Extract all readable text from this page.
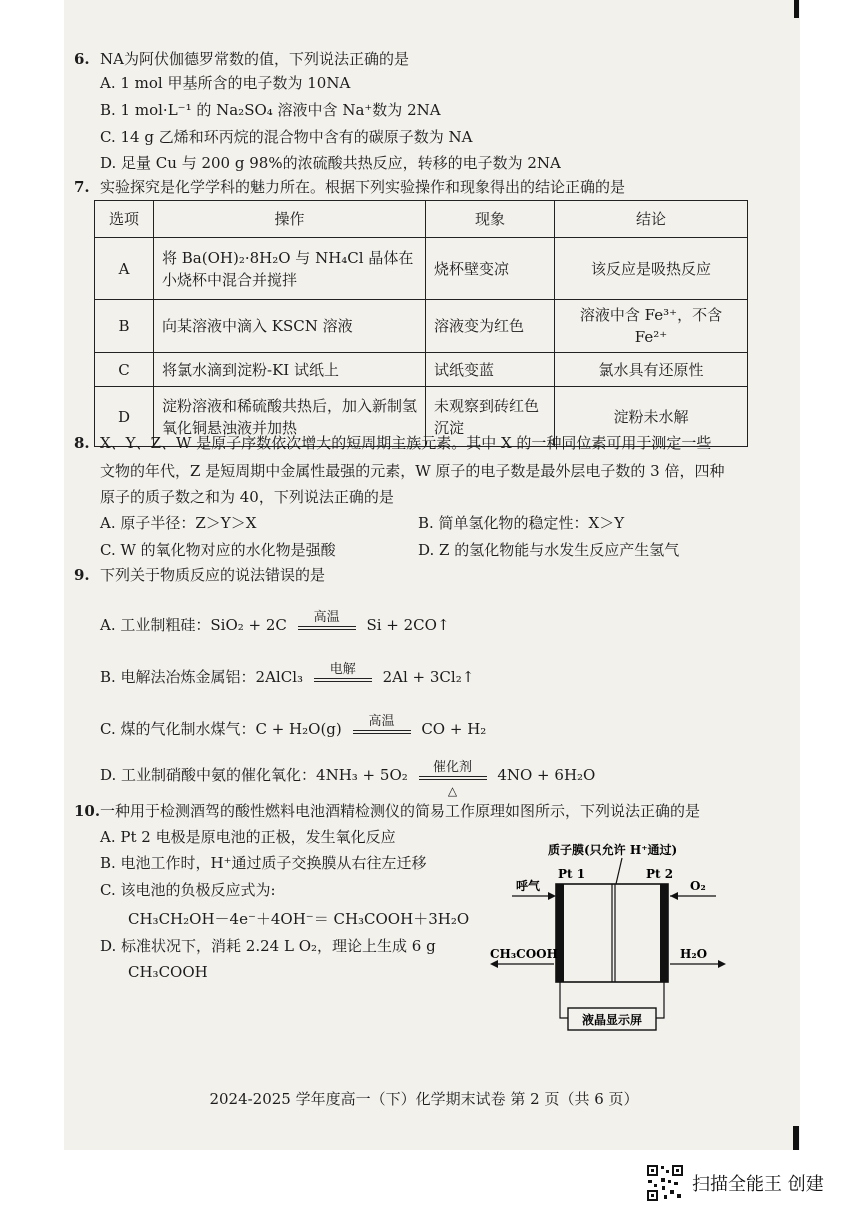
6. NA为阿伏伽德罗常数的值，下列说法正确的是
A. 1 mol 甲基所含的电子数为 10NA
B. 1 mol·L⁻¹ 的 Na₂SO₄ 溶液中含 Na⁺数为 2NA
C. 14 g 乙烯和环丙烷的混合物中含有的碳原子数为 NA
D. 足量 Cu 与 200 g 98%的浓硫酸共热反应，转移的电子数为 2NA
7. 实验探究是化学学科的魅力所在。根据下列实验操作和现象得出的结论正确的是
选项	操作	现象	结论
A	将 Ba(OH)₂·8H₂O 与 NH₄Cl 晶体在小烧杯中混合并搅拌	烧杯壁变凉	该反应是吸热反应
B	向某溶液中滴入 KSCN 溶液	溶液变为红色	溶液中含 Fe³⁺，不含 Fe²⁺
C	将氯水滴到淀粉-KI 试纸上	试纸变蓝	氯水具有还原性
D	淀粉溶液和稀硫酸共热后，加入新制氢氧化铜悬浊液并加热	未观察到砖红色沉淀	淀粉未水解
8. X、Y、Z、W 是原子序数依次增大的短周期主族元素。其中 X 的一种同位素可用于测定一些
文物的年代，Z 是短周期中金属性最强的元素，W 原子的电子数是最外层电子数的 3 倍，四种
原子的质子数之和为 40，下列说法正确的是
A. 原子半径：Z＞Y＞X	B. 简单氢化物的稳定性：X＞Y
C. W 的氧化物对应的水化物是强酸	D. Z 的氢化物能与水发生反应产生氢气
9. 下列关于物质反应的说法错误的是
A. 工业制粗硅：SiO₂ + 2C	高温	Si + 2CO↑
B. 电解法冶炼金属铝：2AlCl₃	电解	2Al + 3Cl₂↑
C. 煤的气化制水煤气：C + H₂O(g)	高温	CO + H₂
D. 工业制硝酸中氨的催化氧化：4NH₃ + 5O₂	催化剂
△
4NO + 6H₂O
10.一种用于检测酒驾的酸性燃料电池酒精检测仪的简易工作原理如图所示，下列说法正确的是
A. Pt 2 电极是原电池的正极，发生氧化反应
B. 电池工作时，H⁺通过质子交换膜从右往左迁移
C. 该电池的负极反应式为:
CH₃CH₂OH－4e⁻＋4OH⁻＝ CH₃COOH＋3H₂O
D. 标准状况下，消耗 2.24 L O₂，理论上生成 6 g
CH₃COOH
2024-2025 学年度高一（下）化学期末试卷 第 2 页（共 6 页）
质子膜(只允许 H⁺通过)
Pt 1	Pt 2
呼气	O₂
CH₃COOH	H₂O
液晶显示屏
扫描全能王 创建
